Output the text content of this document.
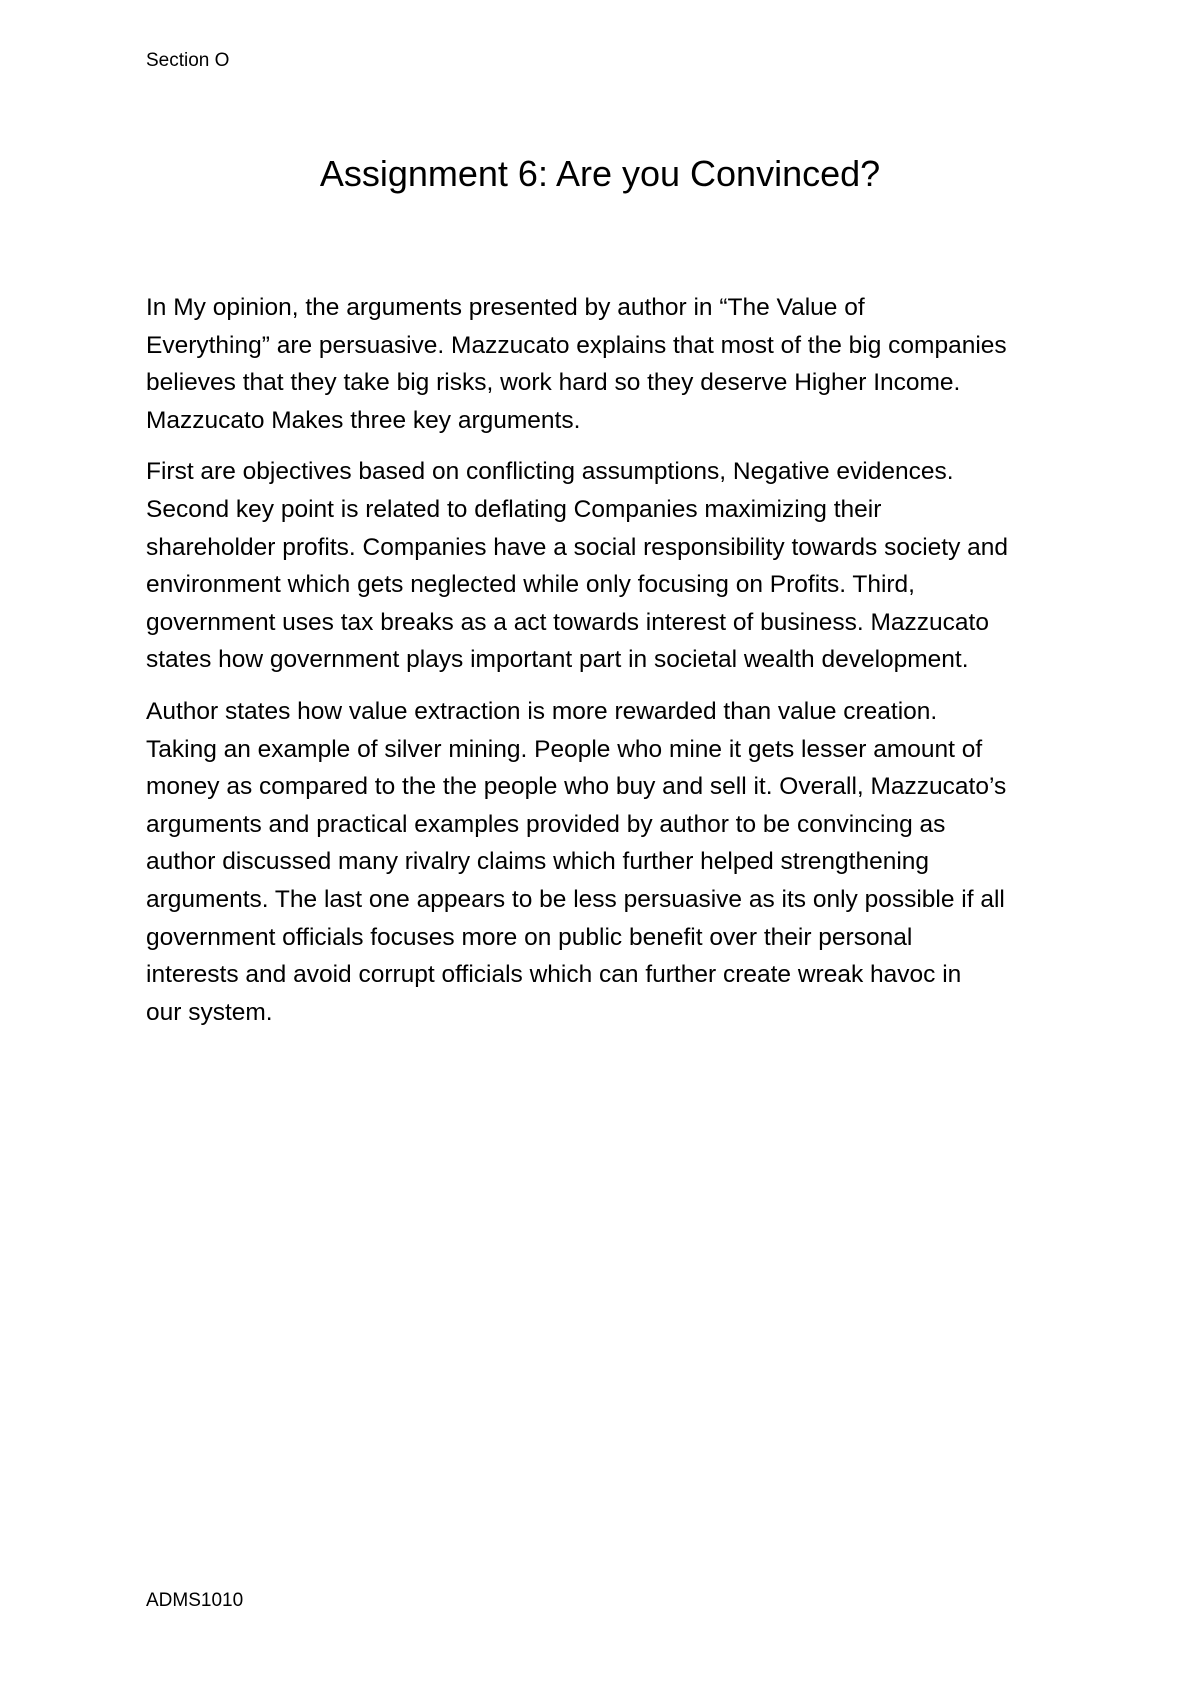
Section O
Assignment 6: Are you Convinced?

In My opinion, the arguments presented by author in “The Value of
Everything” are persuasive. Mazzucato explains that most of the big companies
believes that they take big risks, work hard so they deserve Higher Income.
Mazzucato Makes three key arguments.

First are objectives based on conflicting assumptions, Negative evidences.
Second key point is related to deflating Companies maximizing their
shareholder profits. Companies have a social responsibility towards society and
environment which gets neglected while only focusing on Profits. Third,
government uses tax breaks as a act towards interest of business. Mazzucato
states how government plays important part in societal wealth development.

Author states how value extraction is more rewarded than value creation.
Taking an example of silver mining. People who mine it gets lesser amount of
money as compared to the the people who buy and sell it. Overall, Mazzucato’s
arguments and practical examples provided by author to be convincing as
author discussed many rivalry claims which further helped strengthening
arguments. The last one appears to be less persuasive as its only possible if all
government officials focuses more on public benefit over their personal
interests and avoid corrupt officials which can further create wreak havoc in
our system.

ADMS1010
